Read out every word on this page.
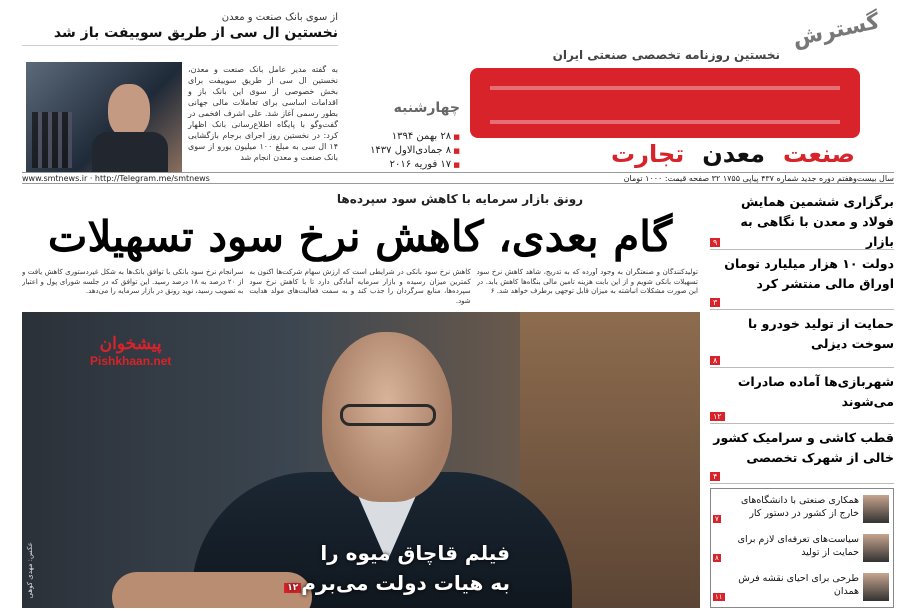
گسترش
نخستین روزنامه تخصصی صنعتی ایران
صنعت
معدن
تجارت
چهارشنبه
■ ۲۸ بهمن ۱۳۹۴
■ ۸ جمادی‌الاول ۱۴۳۷
■ ۱۷ فوریه ۲۰۱۶
از سوی بانک صنعت و معدن
نخستین ال سی از طریق سوییفت باز شد
به گفته مدیر عامل بانک صنعت و معدن، نخستین ال سی از طریق سوییفت برای بخش خصوصی از سوی این بانک باز و اقدامات اساسی برای تعاملات مالی جهانی بطور رسمی آغاز شد. علی اشرف افخمی در گفت‌وگو با پایگاه اطلاع‌رسانی بانک اظهار کرد: در نخستین روز اجرای برجام بازگشایی ۱۴ ال سی به مبلغ ۱۰۰ میلیون یورو از سوی بانک صنعت و معدن انجام شد
سال بیست‌وهفتم دوره جدید شماره ۴۳۷ پیاپی ۱۷۵۵ ۳۲ صفحه قیمت: ۱۰۰۰ تومان
www.smtnews.ir · http://Telegram.me/smtnews
رونق بازار سرمایه با کاهش سود سپرده‌ها
گام بعدی، کاهش نرخ سود تسهیلات
تولیدکنندگان و صنعتگران به وجود آورده که به تدریج، شاهد کاهش نرخ سود تسهیلات بانکی شویم و از این بابت هزینه تامین مالی بنگاه‌ها کاهش یابد. در این صورت مشکلات انباشته به میزان قابل توجهی برطرف خواهد شد. ۶
کاهش نرخ سود بانکی در شرایطی است که ارزش سهام شرکت‌ها اکنون به کمترین میزان رسیده و بازار سرمایه آمادگی دارد تا با کاهش نرخ سود سپرده‌ها، منابع سرگردان را جذب کند و به سمت فعالیت‌های مولد هدایت شود.
سرانجام نرخ سود بانکی با توافق بانک‌ها به شکل غیردستوری کاهش یافت و از ۲۰ درصد به ۱۸ درصد رسید. این توافق که در جلسه شورای پول و اعتبار به تصویب رسید، نوید رونق در بازار سرمایه را می‌دهد.
عکس: مهدی کوهی	فیلم قاچاق میوه را
به هیات دولت می‌برم۱۲
پیشخوان
Pishkhaan.net
برگزاری ششمین همایش فولاد و معدن با نگاهی به بازار
۹
دولت ۱۰ هزار میلیارد تومان اوراق مالی منتشر کرد
۳
حمایت از تولید خودرو با سوخت دیزلی
۸
شهربازی‌ها آماده صادرات می‌شوند
۱۲
قطب کاشی و سرامیک کشور خالی از شهرک تخصصی
۴
همکاری صنعتی با دانشگاه‌های خارج از کشور در دستور کار
۷
سیاست‌های تعرفه‌ای لازم برای حمایت از تولید
۸
طرحی برای احیای نقشه فرش همدان
۱۱
